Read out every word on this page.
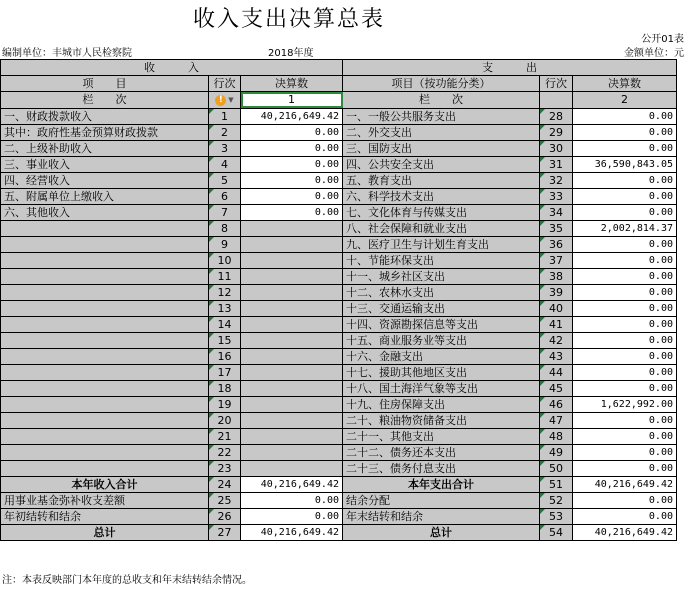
收入支出决算总表
公开01表
编制单位：丰城市人民检察院	2018年度	金额单位：元
收　　　入			支　　　出		
项　　目	行次	决算数	项目（按功能分类）	行次	决算数
栏　　次	! ▼	1	栏　　次		2
一、财政拨款收入	1	40,216,649.42	一、一般公共服务支出	28	0.00
其中：政府性基金预算财政拨款	2	0.00	二、外交支出	29	0.00
二、上级补助收入	3	0.00	三、国防支出	30	0.00
三、事业收入	4	0.00	四、公共安全支出	31	36,590,843.05
四、经营收入	5	0.00	五、教育支出	32	0.00
五、附属单位上缴收入	6	0.00	六、科学技术支出	33	0.00
六、其他收入	7	0.00	七、文化体育与传媒支出	34	0.00
	8		八、社会保障和就业支出	35	2,002,814.37
	9		九、医疗卫生与计划生育支出	36	0.00
	10		十、节能环保支出	37	0.00
	11		十一、城乡社区支出	38	0.00
	12		十二、农林水支出	39	0.00
	13		十三、交通运输支出	40	0.00
	14		十四、资源勘探信息等支出	41	0.00
	15		十五、商业服务业等支出	42	0.00
	16		十六、金融支出	43	0.00
	17		十七、援助其他地区支出	44	0.00
	18		十八、国土海洋气象等支出	45	0.00
	19		十九、住房保障支出	46	1,622,992.00
	20		二十、粮油物资储备支出	47	0.00
	21		二十一、其他支出	48	0.00
	22		二十二、债务还本支出	49	0.00
	23		二十三、债务付息支出	50	0.00
本年收入合计	24	40,216,649.42	本年支出合计	51	40,216,649.42
用事业基金弥补收支差额	25	0.00	结余分配	52	0.00
年初结转和结余	26	0.00	年末结转和结余	53	0.00
总计	27	40,216,649.42	总计	54	40,216,649.42
注：本表反映部门本年度的总收支和年末结转结余情况。
